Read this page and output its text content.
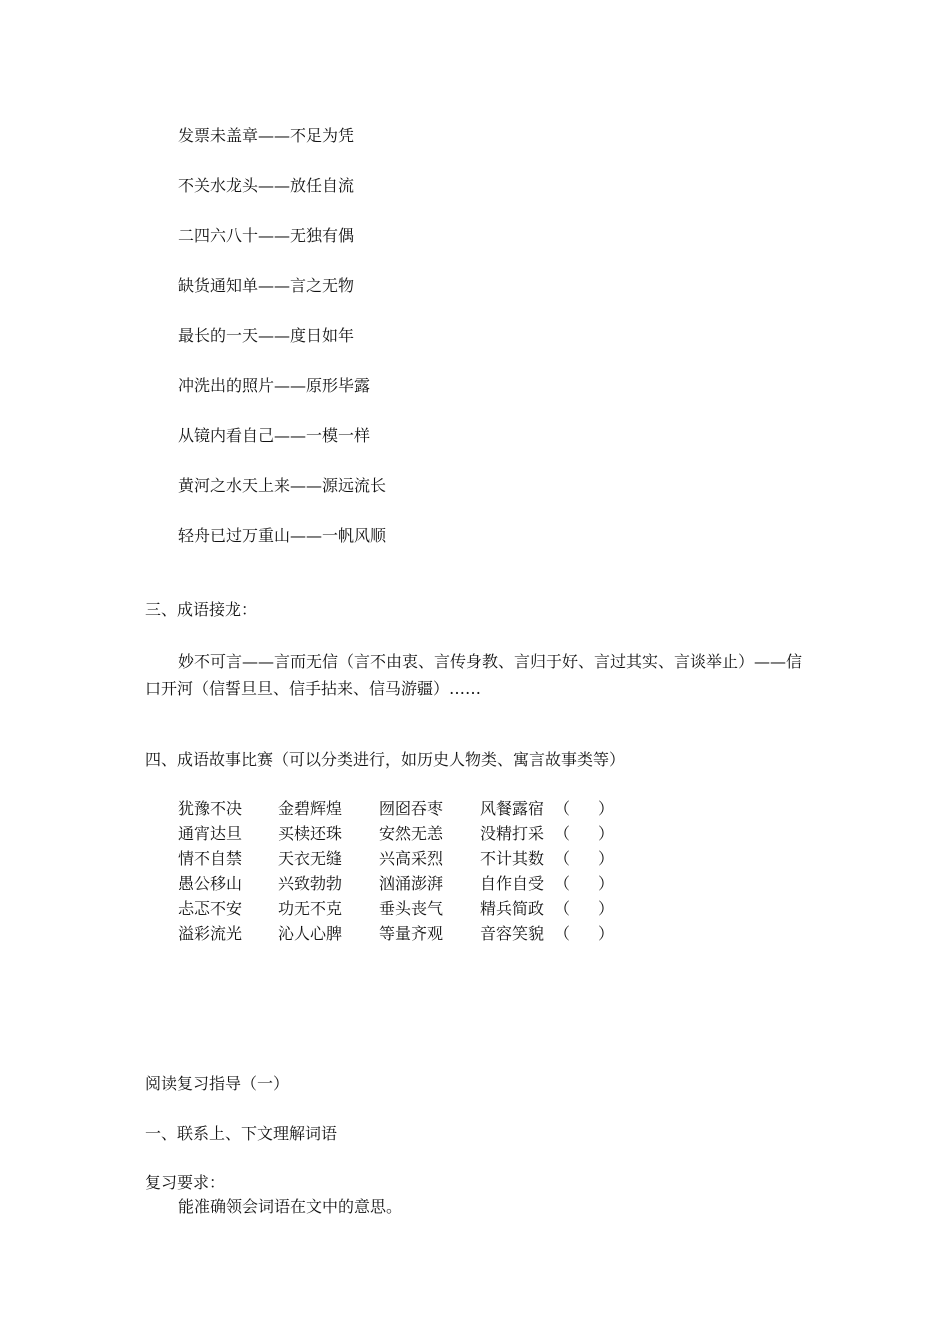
发票未盖章——不足为凭
不关水龙头——放任自流
二四六八十——无独有偶
缺货通知单——言之无物
最长的一天——度日如年
冲洗出的照片——原形毕露
从镜内看自己——一模一样
黄河之水天上来——源远流长
轻舟已过万重山——一帆风顺
三、成语接龙：
妙不可言——言而无信（言不由衷、言传身教、言归于好、言过其实、言谈举止）——信口开河（信誓旦旦、信手拈来、信马游疆）……
四、成语故事比赛（可以分类进行，如历史人物类、寓言故事类等）
犹豫不决 金碧辉煌 囫囵吞枣 风餐露宿 （ ）
通宵达旦 买椟还珠 安然无恙 没精打采 （ ）
情不自禁 天衣无缝 兴高采烈 不计其数 （ ）
愚公移山 兴致勃勃 汹涌澎湃 自作自受 （ ）
忐忑不安 功无不克 垂头丧气 精兵简政 （ ）
溢彩流光 沁人心脾 等量齐观 音容笑貌 （ ）
阅读复习指导（一）
一、联系上、下文理解词语
复习要求：
能准确领会词语在文中的意思。
